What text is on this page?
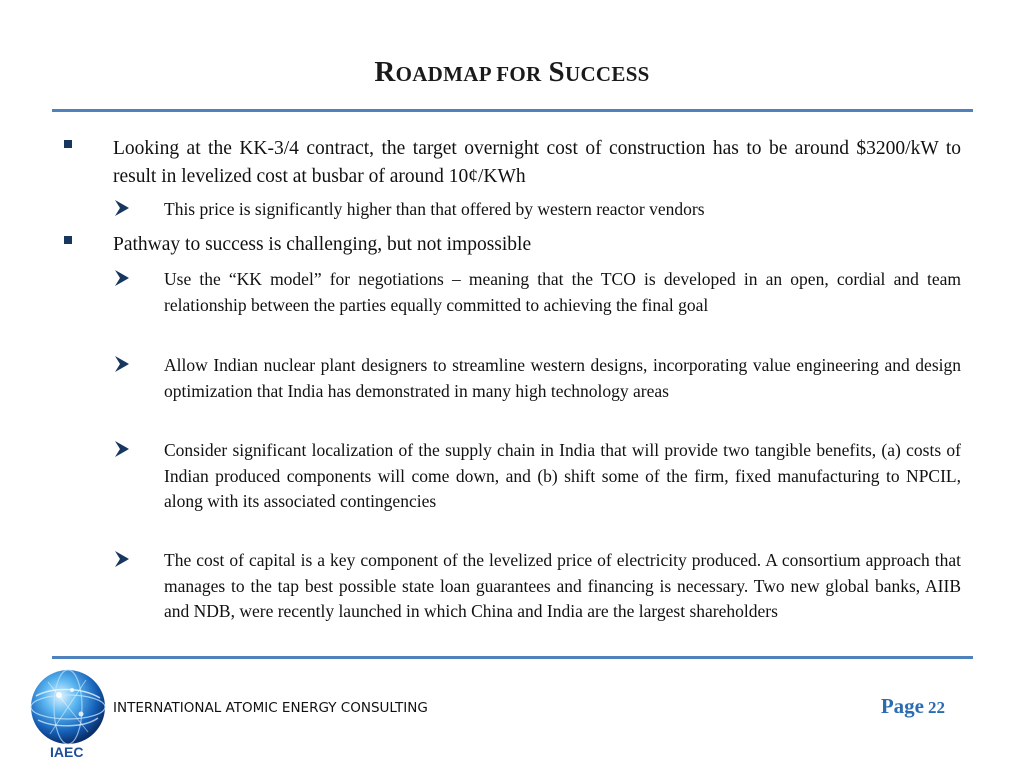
ROADMAP FOR SUCCESS
Looking at the KK-3/4 contract, the target overnight cost of construction has to be around $3200/kW to result in levelized cost at busbar of around 10¢/KWh
This price is significantly higher than that offered by western reactor vendors
Pathway to success is challenging, but not impossible
Use the “KK model” for negotiations – meaning that the TCO is developed in an open, cordial and team relationship between the parties equally committed to achieving the final goal
Allow Indian nuclear plant designers to streamline western designs, incorporating value engineering and design optimization that India has demonstrated in many high technology areas
Consider significant localization of the supply chain in India that will provide two tangible benefits, (a) costs of Indian produced components will come down, and (b) shift some of the firm, fixed manufacturing to NPCIL, along with its associated contingencies
The cost of capital is a key component of the levelized price of electricity produced. A consortium approach that manages to the tap best possible state loan guarantees and financing is necessary. Two new global banks, AIIB and NDB, were recently launched in which China and India are the largest shareholders
IAEC
INTERNATIONAL ATOMIC ENERGY CONSULTING	Page 22
